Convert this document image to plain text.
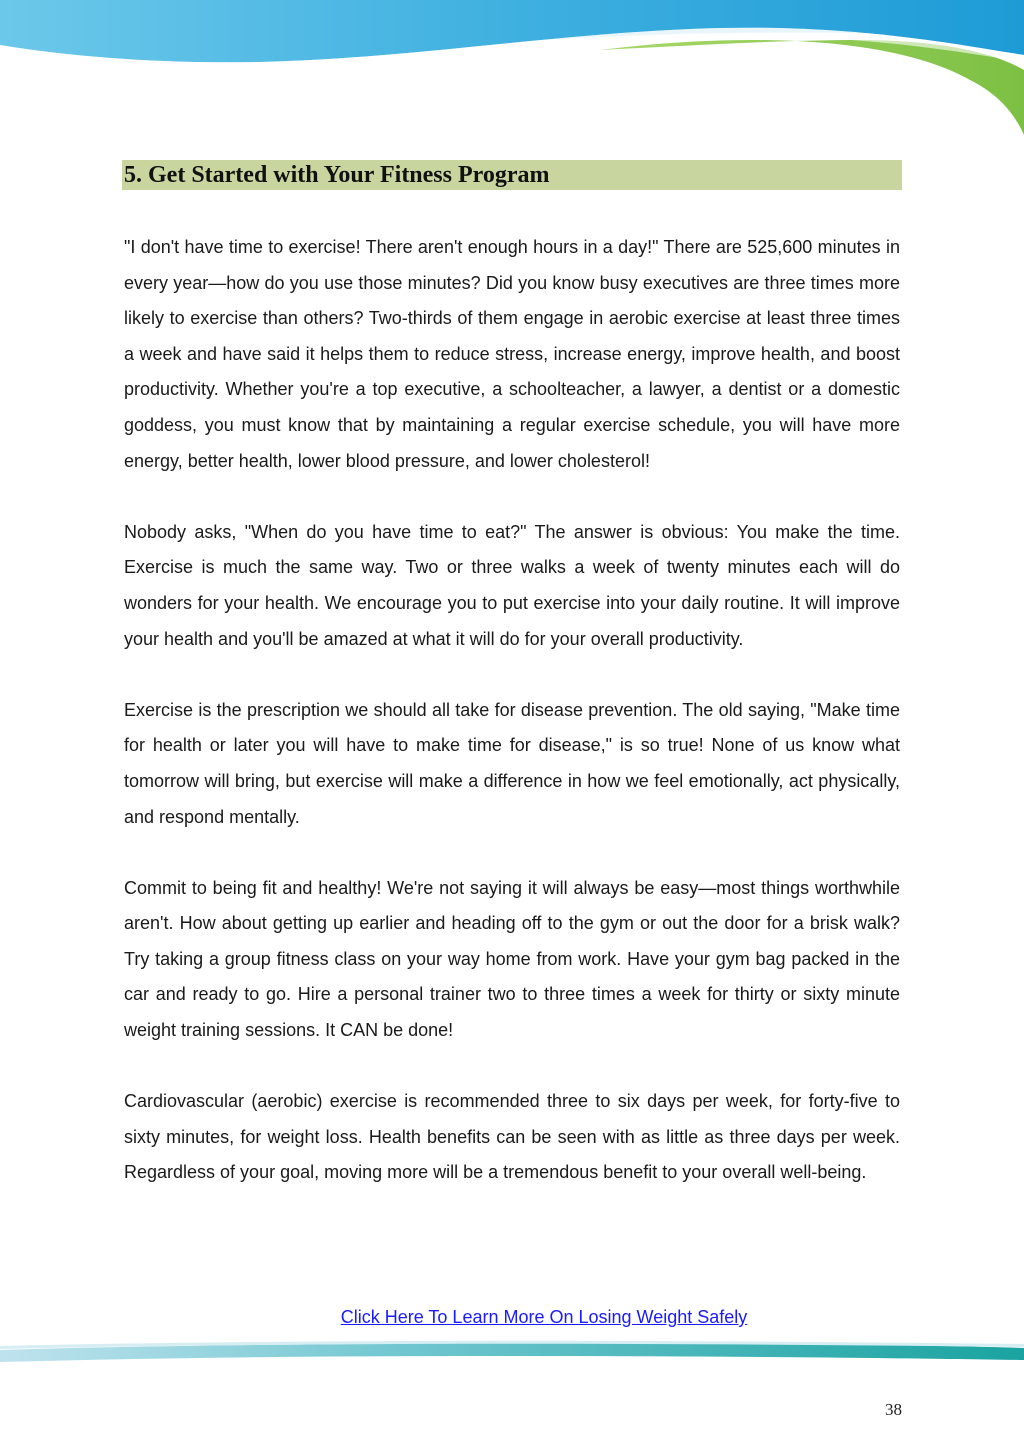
5. Get Started with Your Fitness Program

"I don't have time to exercise! There aren't enough hours in a day!" There are 525,600 minutes in every year—how do you use those minutes? Did you know busy executives are three times more likely to exercise than others? Two-thirds of them engage in aerobic exercise at least three times a week and have said it helps them to reduce stress, increase energy, improve health, and boost productivity. Whether you're a top executive, a schoolteacher, a lawyer, a dentist or a domestic goddess, you must know that by maintaining a regular exercise schedule, you will have more energy, better health, lower blood pressure, and lower cholesterol!

Nobody asks, "When do you have time to eat?" The answer is obvious: You make the time. Exercise is much the same way. Two or three walks a week of twenty minutes each will do wonders for your health. We encourage you to put exercise into your daily routine. It will improve your health and you'll be amazed at what it will do for your overall productivity.

Exercise is the prescription we should all take for disease prevention. The old saying, "Make time for health or later you will have to make time for disease," is so true! None of us know what tomorrow will bring, but exercise will make a difference in how we feel emotionally, act physically, and respond mentally.

Commit to being fit and healthy! We're not saying it will always be easy—most things worthwhile aren't. How about getting up earlier and heading off to the gym or out the door for a brisk walk? Try taking a group fitness class on your way home from work. Have your gym bag packed in the car and ready to go. Hire a personal trainer two to three times a week for thirty or sixty minute weight training sessions. It CAN be done!

Cardiovascular (aerobic) exercise is recommended three to six days per week, for forty-five to sixty minutes, for weight loss. Health benefits can be seen with as little as three days per week. Regardless of your goal, moving more will be a tremendous benefit to your overall well-being.

Click Here To Learn More On Losing Weight Safely
38
